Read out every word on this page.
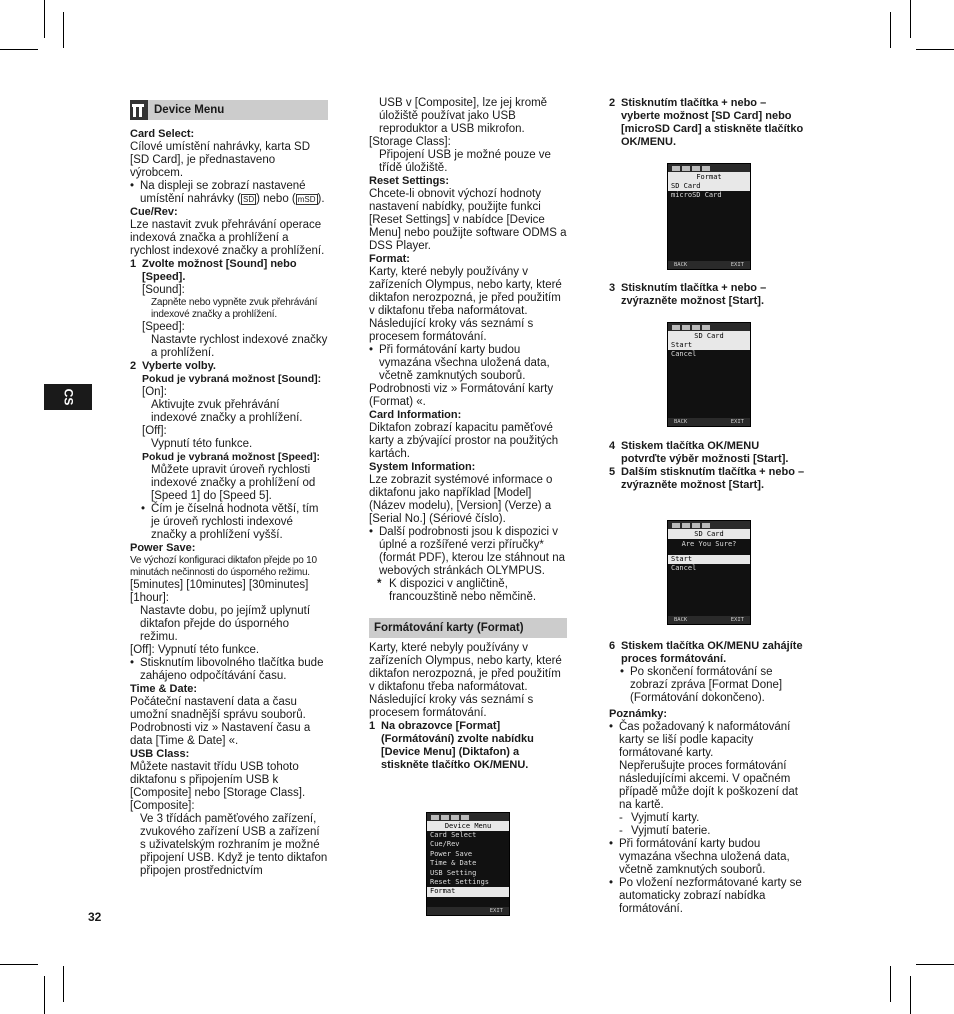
CS
32
Device Menu

Card Select:

Cílové umístění nahrávky, karta SD [SD Card], je přednastaveno výrobcem.

• Na displeji se zobrazí nastavené umístění nahrávky ( SD ) nebo ( mSD ).

Cue/Rev:

Lze nastavit zvuk přehrávání operace indexová značka a prohlížení a rychlost indexové značky a prohlížení.

1 Zvolte možnost [Sound] nebo [Speed].

[Sound]:

Zapněte nebo vypněte zvuk přehrávání indexové značky a prohlížení.

[Speed]:

Nastavte rychlost indexové značky a prohlížení.

2 Vyberte volby.

Pokud je vybraná možnost [Sound]:

[On]:

Aktivujte zvuk přehrávání indexové značky a prohlížení.

[Off]:

Vypnutí této funkce.

Pokud je vybraná možnost [Speed]:

Můžete upravit úroveň rychlosti indexové značky a prohlížení od [Speed 1] do [Speed 5].

• Čím je číselná hodnota větší, tím je úroveň rychlosti indexové značky a prohlížení vyšší.

Power Save:

Ve výchozí konfiguraci diktafon přejde po 10 minutách nečinnosti do úsporného režimu.

[5minutes] [10minutes] [30minutes] [1hour]:

Nastavte dobu, po jejímž uplynutí diktafon přejde do úsporného režimu.

[Off]: Vypnutí této funkce.

• Stisknutím libovolného tlačítka bude zahájeno odpočítávání času.

Time & Date:

Počáteční nastavení data a času umožní snadnější správu souborů. Podrobnosti viz » Nastavení času a data [Time & Date] «.

USB Class:

Můžete nastavit třídu USB tohoto diktafonu s připojením USB k [Composite] nebo [Storage Class].

[Composite]:

Ve 3 třídách paměťového zařízení, zvukového zařízení USB a zařízení s uživatelským rozhraním je možné připojení USB. Když je tento diktafon připojen prostřednictvím

USB v [Composite], lze jej kromě úložiště používat jako USB reproduktor a USB mikrofon.

[Storage Class]:

Připojení USB je možné pouze ve třídě úložiště.

Reset Settings:

Chcete-li obnovit výchozí hodnoty nastavení nabídky, použijte funkci [Reset Settings] v nabídce [Device Menu] nebo použijte software ODMS a DSS Player.

Format:

Karty, které nebyly používány v zařízeních Olympus, nebo karty, které diktafon nerozpozná, je před použitím v diktafonu třeba naformátovat. Následující kroky vás seznámí s procesem formátování.

• Při formátování karty budou vymazána všechna uložená data, včetně zamknutých souborů.

Podrobnosti viz » Formátování karty (Format) «.

Card Information:

Diktafon zobrazí kapacitu paměťové karty a zbývající prostor na použitých kartách.

System Information:

Lze zobrazit systémové informace o diktafonu jako například [Model] (Název modelu), [Version] (Verze) a [Serial No.] (Sériové číslo).

• Další podrobnosti jsou k dispozici v úplné a rozšířené verzi příručky* (formát PDF), kterou lze stáhnout na webových stránkách OLYMPUS.

* K dispozici v angličtině, francouzštině nebo němčině.

Formátování karty (Format)

Karty, které nebyly používány v zařízeních Olympus, nebo karty, které diktafon nerozpozná, je před použitím v diktafonu třeba naformátovat. Následující kroky vás seznámí s procesem formátování.

1 Na obrazovce [Format] (Formátování) zvolte nabídku [Device Menu] (Diktafon) a stiskněte tlačítko OK/MENU.

2 Stisknutím tlačítka + nebo – vyberte možnost [SD Card] nebo [microSD Card] a stiskněte tlačítko OK/MENU.

3 Stisknutím tlačítka + nebo – zvýrazněte možnost [Start].

4 Stiskem tlačítka OK/MENU potvrďte výběr možnosti [Start].

5 Dalším stisknutím tlačítka + nebo – zvýrazněte možnost [Start].

6 Stiskem tlačítka OK/MENU zahájíte proces formátování.

• Po skončení formátování se zobrazí zpráva [Format Done] (Formátování dokončeno).

Poznámky:

• Čas požadovaný k naformátování karty se liší podle kapacity formátované karty.

Nepřerušujte proces formátování následujícími akcemi. V opačném případě může dojít k poškození dat na kartě.

- Vyjmutí karty.

- Vyjmutí baterie.

• Při formátování karty budou vymazána všechna uložená data, včetně zamknutých souborů.

• Po vložení nezformátované karty se automaticky zobrazí nabídka formátování.

Device Menu
Card Select
Cue/Rev
Power Save
Time & Date
USB Setting
Reset Settings
Format
EXIT
Format
SD Card
microSD Card
BACK	EXIT
SD Card
Start
Cancel
BACK	EXIT
SD Card
Are You Sure?
Start
Cancel
BACK	EXIT
